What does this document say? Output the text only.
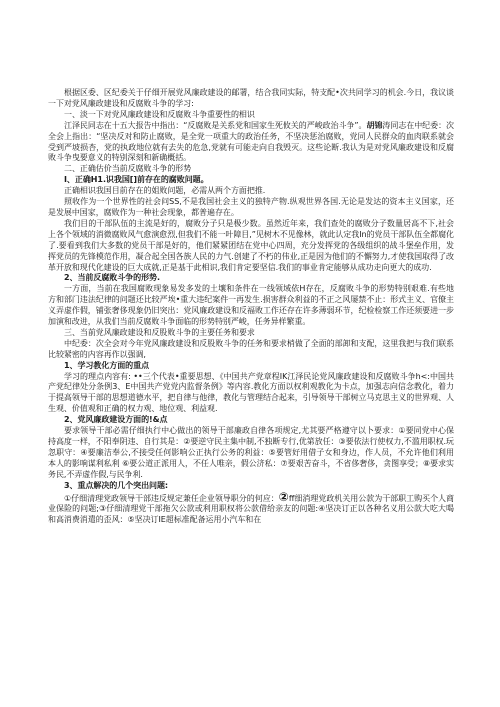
根据区委、区纪委关于仔细开展党风廉政建设的邮署，结合我同实际，特支配•次共同学习的机会.今日，我议谈一下对党风廉政建设和反腐败斗争的学习:

一、淡一下对党风廉政建设和反腐败斗争重要性的相识

江泽民同志在十五大报告中指出：“反腐败是关系党和国家生死攸关的严峻政治斗争”。胡锦涛同志在中纪委：次全会上指出：“坚决反对和防止腐败，是全党一项重大的政治任务，不坚决惩治腐败，党同人民群众的血肉联系就会受到严坡损杏，党的执政地位就有去失的危急,党就有可能走向自我毁灭。这些论断.我认为是对党风廉政建设和反腐败斗争曳要意义的特别深刻和新确概括。

二、正确估价当前反腐败斗争的形势

I、正确H1.识我国[]前存在的腐败问题。

正确相识我国目前存在的姐败问题，必需从两个方面把推.

照收作为一个世界性的社会问SS,不是我国社会主义的独特产物.纵观世界各国.无论是发达的资本主义国家，还是发展中国家，腐败作为一种社会现象，都普遍存在。

我们目的干部队伍的主流是好的，腐败分子只是极少数。虽然近年来，我们查处的腐败分子数量居高不下,社会上各个领域的消微腐败风气愈演愈烈,但我们不能一叶障目,”见树木不见像林，就此认定我In的党员干部队伍全都腐化了.要看到我们大多数的党员干部是好的，他们紧紧团结在党中心四周，充分发挥党的各级组织的战斗堡垒作用，发挥党员的先锋模范作用，凝合起全国各族人民的力气.创建了不朽的伟业,正是因为他们的不懈努力,才使我国取得了改革开放和现代化建设的巨大成就,正是基于此相识,我们肯定要坚信.我们的事业肯定能够从成功走向更大的成功.

2、当前反腐败斗争的形势.

一方面，当前在我国腐败现象易发多发的土壤和条件在一线领域依H存在，反腐败斗争的形势特别艰难.有些地方和部门违法纪律的问题还比较严埃•重大违纪案件一再发生.损害群众利益的不正之风屡禁不止：形式主义、官僚主义弄虚作假，铺张奢侈现象仍旧突出：党风廉政建设和反福败工作还存在许多薄弱环节，纪检检察工作还须要进一步加演和改进，从我们当前反腐败斗争面临的形势特别严峻，任务异样繁重。

三、当前党风廉政建设和反股败斗争的主要任务和要求

中纪委：次全会对今年党风廉政建设和反股败斗争的任务和要求梢做了全面的部卸和支配，这里我把与我们联系比较紧密的内容再作以强调,

1、学习教化方面的重点

学习的理点内容有: ••三个代表•重要思想、《中国共产党章程IK江泽民论党风廉政建设和反腐败斗争h<:中国共产党纪律处分条例3、E中国共产党党内监督条例》等内容.教化方面以权利观教化为卡点，加强志向信念教化，着力于提高领导干部的思想道德水平，把自律与他律，教化与管理结合起来，引导领导干部树立马克思主义的世界观、人生观、价值观和正确的权力观、地位观、利益观.

2、党风廉政建设方面的!&点

要求领导干部必需仔细执行中心做出的领导干部廉政自律各项规定,尤其要严格遵守以卜要求：①要同党中心保持高度一样，不阳奉阴违、自行其是：②要逆守民主集中制,不独断专行,优第放任：③要依法行使权力,不滥用职权.玩忽职守：④要廉洁奉公,不接受任何影响公正执行公务的利益：⑤要管好用借子女和身边，作人员，不允许他们利用本人的影响谋利私利 ⑥要公道正派用人，不任人唯亲，假公济私：⑦要艰苦奋斗，不省侈奢侈，贪图享受；⑧要求实务民,不弄虚作假,与民争利.

3、重点解决的几个突出问题:

①仔细清理党政领导干部违反规定兼任企业领导职分的何应：②ff细消理党政机关用公款为干部职工购买个人商业保险的问题;③仔细清理党干部拖欠公款或利用职权将公款借给亲友的问题:④坚决订正以各种名义用公款大吃大喝和高消费消遣的歪风：⑤坚决订IE超标准配备运用小汽车和在
